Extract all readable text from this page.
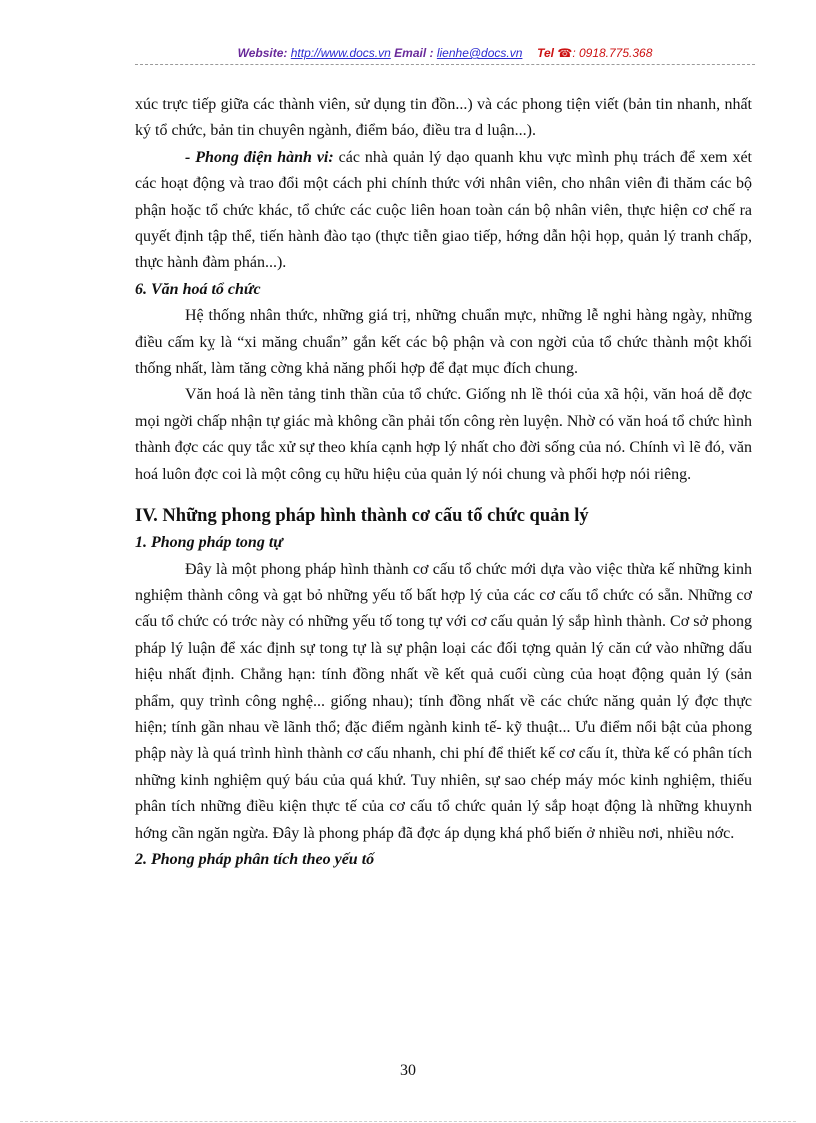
Website: http://www.docs.vn Email : lienhe@docs.vn Tel ☎: 0918.775.368

xúc trực tiếp giữa các thành viên, sử dụng tin đồn...) và các phong tiện viết (bản tin nhanh, nhất ký tổ chức, bản tin chuyên ngành, điểm báo, điều tra d luận...).

- Phong điện hành vi: các nhà quản lý dạo quanh khu vực mình phụ trách để xem xét các hoạt động và trao đổi một cách phi chính thức với nhân viên, cho nhân viên đi thăm các bộ phận hoặc tổ chức khác, tổ chức các cuộc liên hoan toàn cán bộ nhân viên, thực hiện cơ chế ra quyết định tập thể, tiến hành đào tạo (thực tiễn giao tiếp, hớng dẫn hội họp, quản lý tranh chấp, thực hành đàm phán...).

6. Văn hoá tổ chức

Hệ thống nhân thức, những giá trị, những chuẩn mực, những lễ nghi hàng ngày, những điều cấm kỵ là “xi măng chuẩn” gắn kết các bộ phận và con ngời của tổ chức thành một khối thống nhất, làm tăng cờng khả năng phối hợp để đạt mục đích chung.

Văn hoá là nền tảng tinh thần của tổ chức. Giống nh lề thói của xã hội, văn hoá dễ đợc mọi ngời chấp nhận tự giác mà không cần phải tốn công rèn luyện. Nhờ có văn hoá tổ chức hình thành đợc các quy tắc xử sự theo khía cạnh hợp lý nhất cho đời sống của nó. Chính vì lẽ đó, văn hoá luôn đợc coi là một công cụ hữu hiệu của quản lý nói chung và phối hợp nói riêng.

IV. Những phong pháp hình thành cơ cấu tổ chức quản lý

1. Phong pháp tong tự

Đây là một phong pháp hình thành cơ cấu tổ chức mới dựa vào việc thừa kế những kinh nghiệm thành công và gạt bỏ những yếu tố bất hợp lý của các cơ cấu tổ chức có sẵn. Những cơ cấu tổ chức có trớc này có những yếu tố tong tự với cơ cấu quản lý sắp hình thành. Cơ sở phong pháp lý luận để xác định sự tong tự là sự phận loại các đối tợng quản lý căn cứ vào những dấu hiệu nhất định. Chẳng hạn: tính đồng nhất về kết quả cuối cùng của hoạt động quản lý (sản phẩm, quy trình công nghệ... giống nhau); tính đồng nhất về các chức năng quản lý đợc thực hiện; tính gần nhau về lãnh thổ; đặc điểm ngành kinh tế- kỹ thuật... Ưu điểm nổi bật của phong phập này là quá trình hình thành cơ cấu nhanh, chi phí để thiết kế cơ cấu ít, thừa kế có phân tích những kinh nghiệm quý báu của quá khứ. Tuy nhiên, sự sao chép máy móc kinh nghiệm, thiếu phân tích những điều kiện thực tế của cơ cấu tổ chức quản lý sắp hoạt động là những khuynh hớng cần ngăn ngừa. Đây là phong pháp đã đợc áp dụng khá phổ biến ở nhiều nơi, nhiều nớc.

2. Phong pháp phân tích theo yếu tố

30
